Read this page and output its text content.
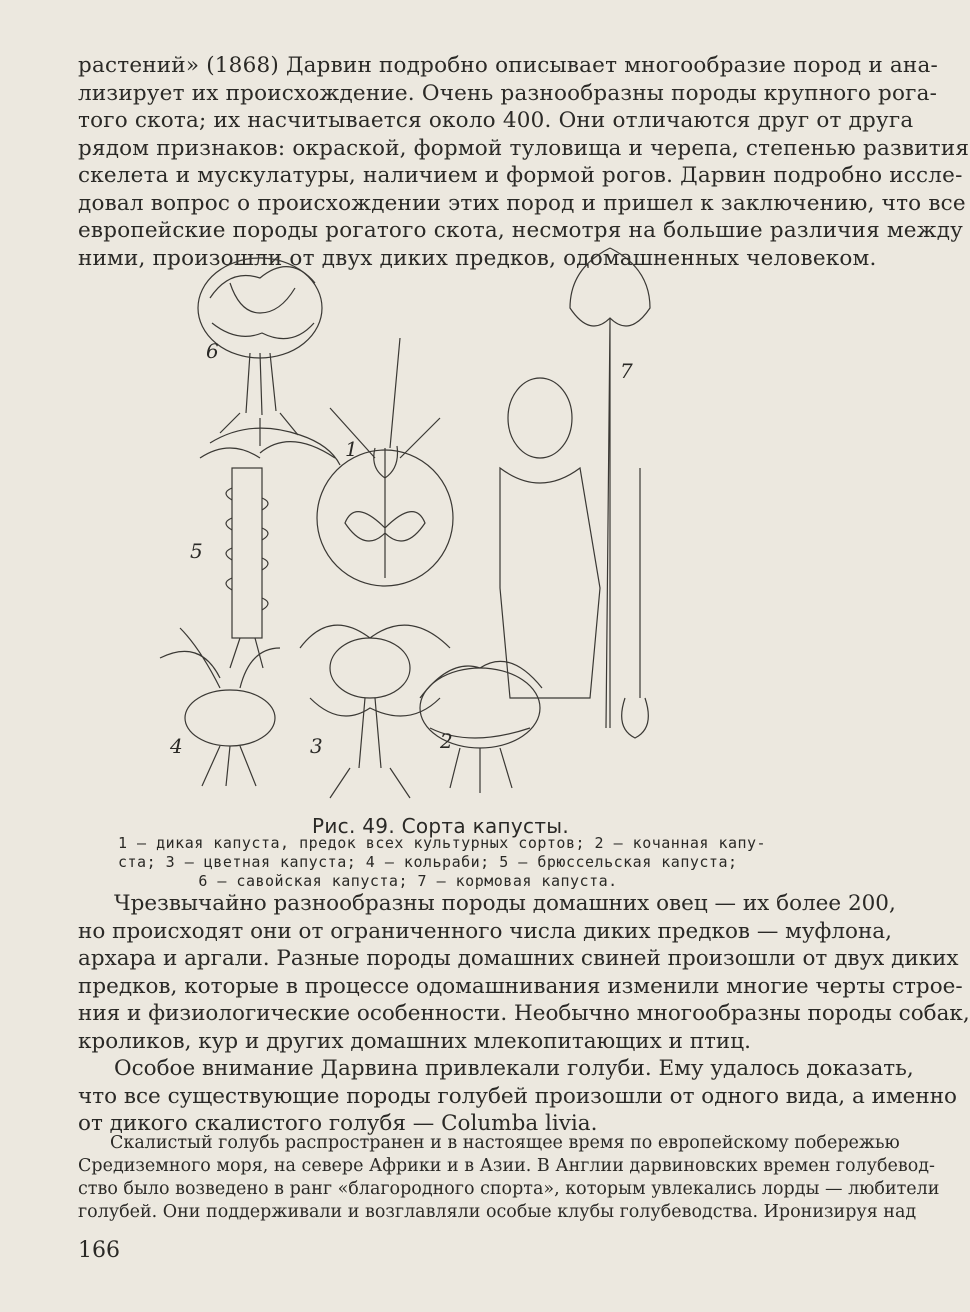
растений» (1868) Дарвин подробно описывает многообразие пород и ана-
лизирует их происхождение. Очень разнообразны породы крупного рога-
того скота; их насчитывается около 400. Они отличаются друг от друга
рядом признаков: окраской, формой туловища и черепа, степенью развития
скелета и мускулатуры, наличием и формой рогов. Дарвин подробно иссле-
довал вопрос о происхождении этих пород и пришел к заключению, что все
европейские породы рогатого скота, несмотря на большие различия между
ними, произошли от двух диких предков, одомашненных человеком.
6
5
4	3	2
1
7
Рис. 49. Сорта капусты.
1 — дикая капуста, предок всех культурных сортов; 2 — кочанная капу-
ста; 3 — цветная капуста; 4 — кольраби; 5 — брюссельская капуста;
6 — савойская капуста; 7 — кормовая капуста.
Чрезвычайно разнообразны породы домашних овец — их более 200,
но происходят они от ограниченного числа диких предков — муфлона,
архара и аргали. Разные породы домашних свиней произошли от двух диких
предков, которые в процессе одомашнивания изменили многие черты строе-
ния и физиологические особенности. Необычно многообразны породы собак,
кроликов, кур и других домашних млекопитающих и птиц.
Особое внимание Дарвина привлекали голуби. Ему удалось доказать,
что все существующие породы голубей произошли от одного вида, а именно
от дикого скалистого голубя — Columba livia.
Скалистый голубь распространен и в настоящее время по европейскому побережью
Средиземного моря, на севере Африки и в Азии. В Англии дарвиновских времен голубевод-
ство было возведено в ранг «благородного спорта», которым увлекались лорды — любители
голубей. Они поддерживали и возглавляли особые клубы голубеводства. Иронизируя над
166
